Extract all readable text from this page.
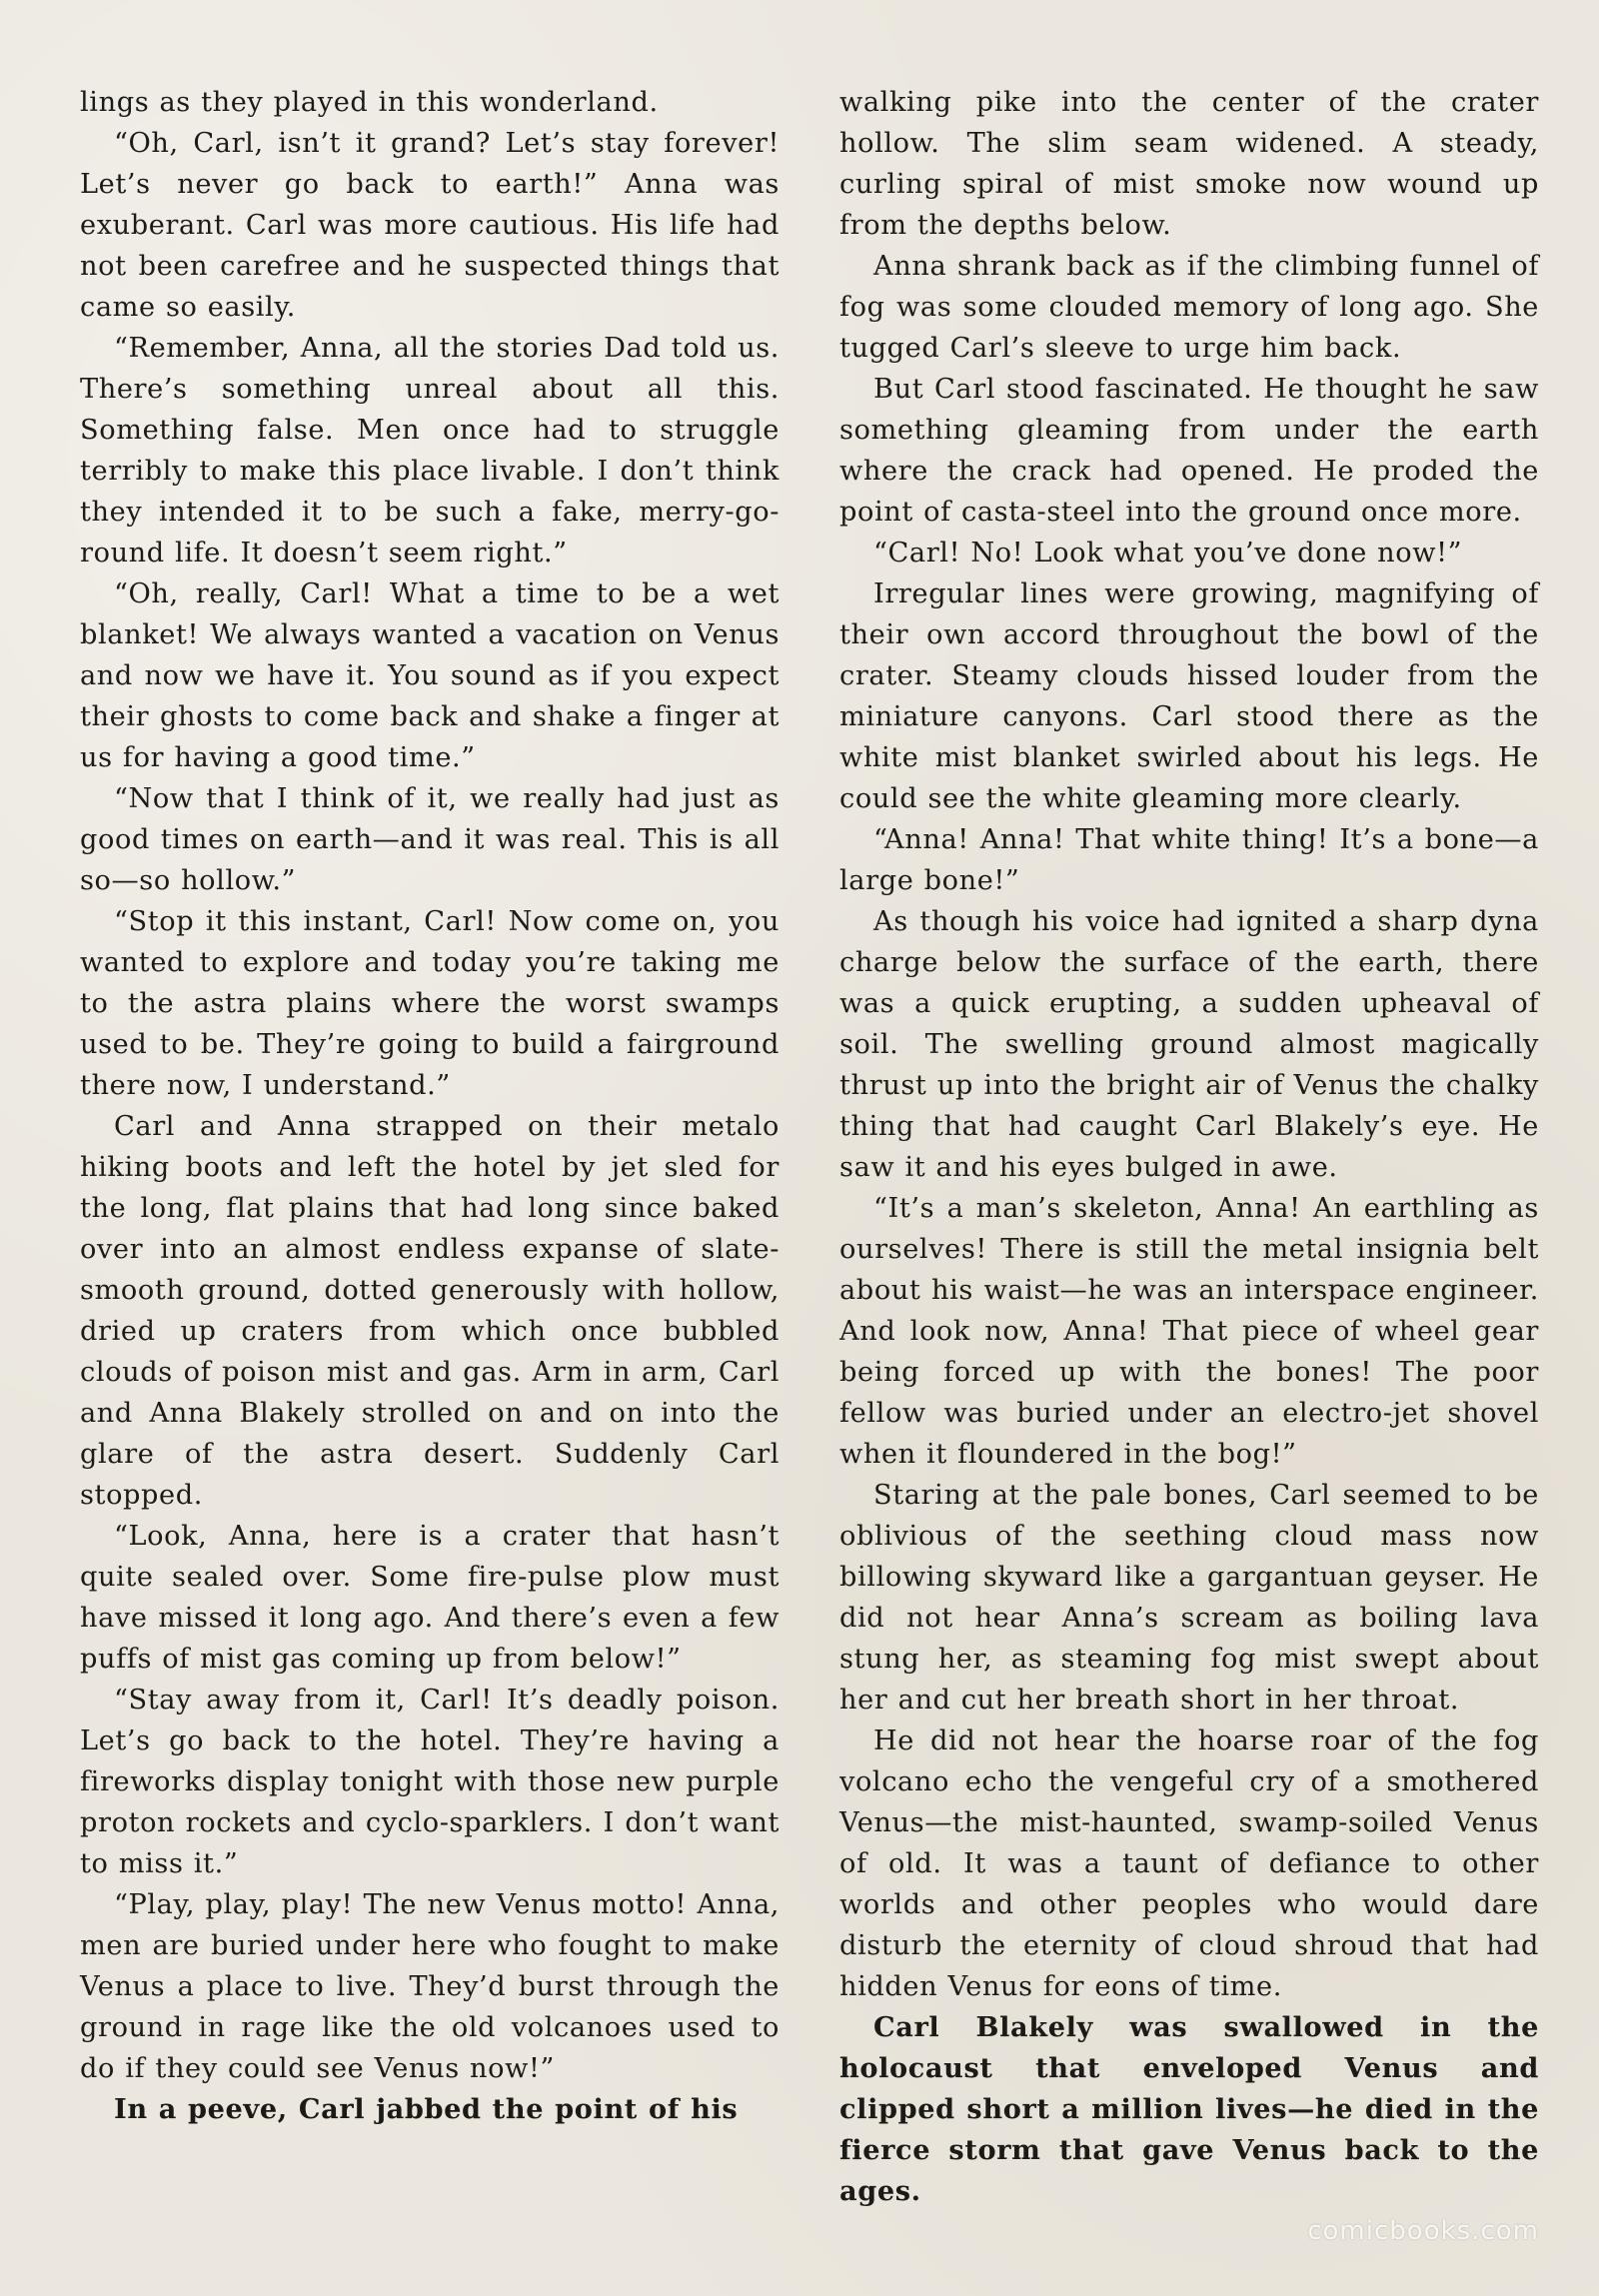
lings as they played in this wonderland.

“Oh, Carl, isn’t it grand? Let’s stay forever! Let’s never go back to earth!” Anna was exuberant. Carl was more cautious. His life had not been carefree and he suspected things that came so easily.

“Remember, Anna, all the stories Dad told us. There’s something unreal about all this. Something false. Men once had to struggle terribly to make this place livable. I don’t think they intended it to be such a fake, merry-go-round life. It doesn’t seem right.”

“Oh, really, Carl! What a time to be a wet blanket! We always wanted a vacation on Venus and now we have it. You sound as if you expect their ghosts to come back and shake a finger at us for having a good time.”

“Now that I think of it, we really had just as good times on earth—and it was real. This is all so—so hollow.”

“Stop it this instant, Carl! Now come on, you wanted to explore and today you’re taking me to the astra plains where the worst swamps used to be. They’re going to build a fairground there now, I understand.”

Carl and Anna strapped on their metalo hiking boots and left the hotel by jet sled for the long, flat plains that had long since baked over into an almost endless expanse of slate-smooth ground, dotted generously with hollow, dried up craters from which once bubbled clouds of poison mist and gas. Arm in arm, Carl and Anna Blakely strolled on and on into the glare of the astra desert. Suddenly Carl stopped.

“Look, Anna, here is a crater that hasn’t quite sealed over. Some fire-pulse plow must have missed it long ago. And there’s even a few puffs of mist gas coming up from below!”

“Stay away from it, Carl! It’s deadly poison. Let’s go back to the hotel. They’re having a fireworks display tonight with those new purple proton rockets and cyclo-sparklers. I don’t want to miss it.”

“Play, play, play! The new Venus motto! Anna, men are buried under here who fought to make Venus a place to live. They’d burst through the ground in rage like the old volcanoes used to do if they could see Venus now!”

In a peeve, Carl jabbed the point of his

walking pike into the center of the crater hollow. The slim seam widened. A steady, curling spiral of mist smoke now wound up from the depths below.

Anna shrank back as if the climbing funnel of fog was some clouded memory of long ago. She tugged Carl’s sleeve to urge him back.

But Carl stood fascinated. He thought he saw something gleaming from under the earth where the crack had opened. He proded the point of casta-steel into the ground once more.

“Carl! No! Look what you’ve done now!”

Irregular lines were growing, magnifying of their own accord throughout the bowl of the crater. Steamy clouds hissed louder from the miniature canyons. Carl stood there as the white mist blanket swirled about his legs. He could see the white gleaming more clearly.

“Anna! Anna! That white thing! It’s a bone—a large bone!”

As though his voice had ignited a sharp dyna charge below the surface of the earth, there was a quick erupting, a sudden upheaval of soil. The swelling ground almost magically thrust up into the bright air of Venus the chalky thing that had caught Carl Blakely’s eye. He saw it and his eyes bulged in awe.

“It’s a man’s skeleton, Anna! An earthling as ourselves! There is still the metal insignia belt about his waist—he was an interspace engineer. And look now, Anna! That piece of wheel gear being forced up with the bones! The poor fellow was buried under an electro-jet shovel when it floundered in the bog!”

Staring at the pale bones, Carl seemed to be oblivious of the seething cloud mass now billowing skyward like a gargantuan geyser. He did not hear Anna’s scream as boiling lava stung her, as steaming fog mist swept about her and cut her breath short in her throat.

He did not hear the hoarse roar of the fog volcano echo the vengeful cry of a smothered Venus—the mist-haunted, swamp-soiled Venus of old. It was a taunt of defiance to other worlds and other peoples who would dare disturb the eternity of cloud shroud that had hidden Venus for eons of time.

Carl Blakely was swallowed in the holocaust that enveloped Venus and clipped short a million lives—he died in the fierce storm that gave Venus back to the ages.

comicbooks.com
